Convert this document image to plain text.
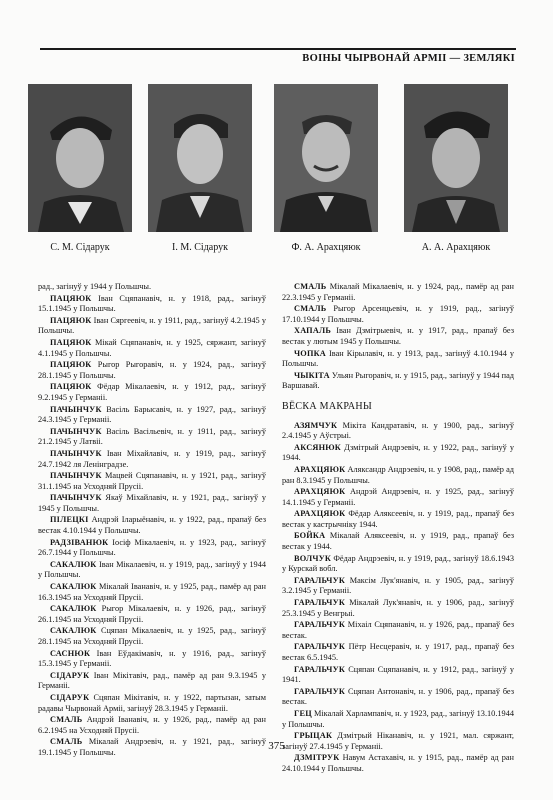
ВОІНЫ ЧЫРВОНАЙ АРМІІ — ЗЕМЛЯКІ
С. М. Сідарук	І. М. Сідарук	Ф. А. Арахцяюк	А. А. Арахцяюк
рад., загінуў у 1944 у Польшчы.
ПАЦЯЮК Іван Сцяпанавіч, н. у 1918, рад., загінуў 15.1.1945 у Польшчы.
ПАЦЯЮК Іван Сяргеевіч, н. у 1911, рад., загінуў 4.2.1945 у Польшчы.
ПАЦЯЮК Мікай Сцяпанавіч, н. у 1925, сяржант, загінуў 4.1.1945 у Польшчы.
ПАЦЯЮК Рыгор Рыгоравіч, н. у 1924, рад., загінуў 28.1.1945 у Польшчы.
ПАЦЯЮК Фёдар Мікалаевіч, н. у 1912, рад., загінуў 9.2.1945 у Германіі.
ПАЧЫНЧУК Васіль Барысавіч, н. у 1927, рад., загінуў 24.3.1945 у Германіі.
ПАЧЫНЧУК Васіль Васільевіч, н. у 1911, рад., загінуў 21.2.1945 у Латвіі.
ПАЧЫНЧУК Іван Міхайлавіч, н. у 1919, рад., загінуў 24.7.1942 ля Ленінградзе.
ПАЧЫНЧУК Мацвей Сцяпанавіч, н. у 1921, рад., загінуў 31.1.1945 на Усходняй Прусіі.
ПАЧЫНЧУК Якаў Міхайлавіч, н. у 1921, рад., загінуў у 1945 у Польшчы.
ПІЛЕЦКІ Андрэй Іларыёнавіч, н. у 1922, рад., прапаў без вестак 4.10.1944 у Польшчы.
РАДЗІВАНЮК Іосіф Мікалаевіч, н. у 1923, рад., загінуў 26.7.1944 у Польшчы.
САКАЛЮК Іван Мікалаевіч, н. у 1919, рад., загінуў у 1944 у Польшчы.
САКАЛЮК Мікалай Іванавіч, н. у 1925, рад., памёр ад ран 16.3.1945 на Усходняй Прусіі.
САКАЛЮК Рыгор Мікалаевіч, н. у 1926, рад., загінуў 26.1.1945 на Усходняй Прусіі.
САКАЛЮК Сцяпан Мікалаевіч, н. у 1925, рад., загінуў 28.1.1945 на Усходняй Прусіі.
САСНЮК Іван Еўдакімавіч, н. у 1916, рад., загінуў 15.3.1945 у Германіі.
СІДАРУК Іван Мікітавіч, рад., памёр ад ран 9.3.1945 у Германіі.
СІДАРУК Сцяпан Мікітавіч, н. у 1922, партызан, затым радавы Чырвонай Арміі, загінуў 28.3.1945 у Германіі.
СМАЛЬ Андрэй Іванавіч, н. у 1926, рад., памёр ад ран 6.2.1945 на Усходняй Прусіі.
СМАЛЬ Мікалай Андрэевіч, н. у 1921, рад., загінуў 19.1.1945 у Польшчы.
СМАЛЬ Мікалай Мікалаевіч, н. у 1924, рад., памёр ад ран 22.3.1945 у Германіі.
СМАЛЬ Рыгор Арсенцьевіч, н. у 1919, рад., загінуў 17.10.1944 у Польшчы.
ХАПАЛЬ Іван Дзмітрыевіч, н. у 1917, рад., прапаў без вестак у лютым 1945 у Польшчы.
ЧОПКА Іван Кірылавіч, н. у 1913, рад., загінуў 4.10.1944 у Польшчы.
ЧЫКІТА Ульян Рыгоравіч, н. у 1915, рад., загінуў у 1944 пад Варшавай.
ВЁСКА МАКРАНЫ
АЗЯМЧУК Мікіта Кандратавіч, н. у 1900, рад., загінуў 2.4.1945 у Аўстрыі.
АКСЯНЮК Дзмітрый Андрэевіч, н. у 1922, рад., загінуў у 1944.
АРАХЦЯЮК Аляксандр Андрэевіч, н. у 1908, рад., памёр ад ран 8.3.1945 у Польшчы.
АРАХЦЯЮК Андрэй Андрэевіч, н. у 1925, рад., загінуў 14.1.1945 у Германіі.
АРАХЦЯЮК Фёдар Аляксеевіч, н. у 1919, рад., прапаў без вестак у кастрычніку 1944.
БОЙКА Мікалай Аляксеевіч, н. у 1919, рад., прапаў без вестак у 1944.
ВОЛЧУК Фёдар Андрэевіч, н. у 1919, рад., загінуў 18.6.1943 у Курскай вобл.
ГАРАЛЬЧУК Максім Лук'янавіч, н. у 1905, рад., загінуў 3.2.1945 у Германіі.
ГАРАЛЬЧУК Мікалай Лук'янавіч, н. у 1906, рад., загінуў 25.3.1945 у Венгрыі.
ГАРАЛЬЧУК Міхаіл Сцяпанавіч, н. у 1926, рад., прапаў без вестак.
ГАРАЛЬЧУК Пётр Несцеравіч, н. у 1917, рад., прапаў без вестак 6.5.1945.
ГАРАЛЬЧУК Сцяпан Сцяпанавіч, н. у 1912, рад., загінуў у 1941.
ГАРАЛЬЧУК Сцяпан Антонавіч, н. у 1906, рад., прапаў без вестак.
ГЕЦ Мікалай Харлампавіч, н. у 1923, рад., загінуў 13.10.1944 у Польшчы.
ГРЫЦАК Дзмітрый Ніканавіч, н. у 1921, мал. сяржант, загінуў 27.4.1945 у Германіі.
ДЗМІТРУК Навум Астахавіч, н. у 1915, рад., памёр ад ран 24.10.1944 у Польшчы.
375
